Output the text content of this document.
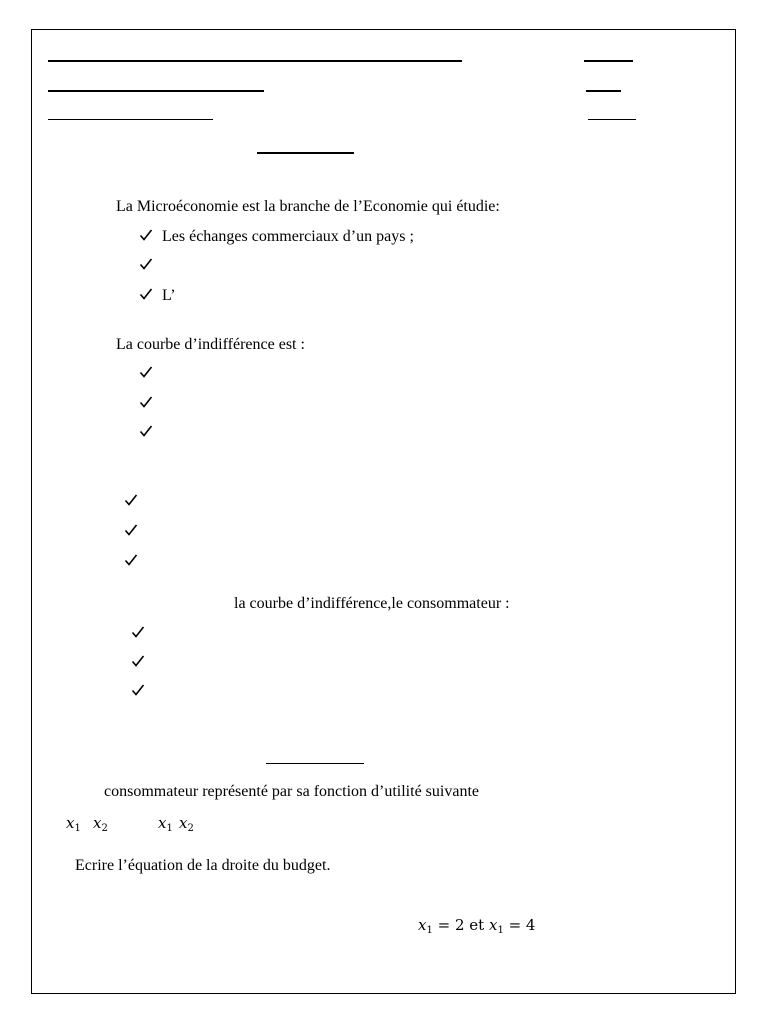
La Microéconomie est la branche de l’Economie qui étudie:
Les échanges commerciaux d’un pays ;
L’
La courbe d’indifférence est :
la courbe d’indifférence,le consommateur :
consommateur représenté par sa fonction d’utilité suivante
$x_1$ $x_2$	$x_1$ $x_2$
Ecrire l’équation de la droite du budget.
$x_1 = 2$ et $x_1 = 4$
